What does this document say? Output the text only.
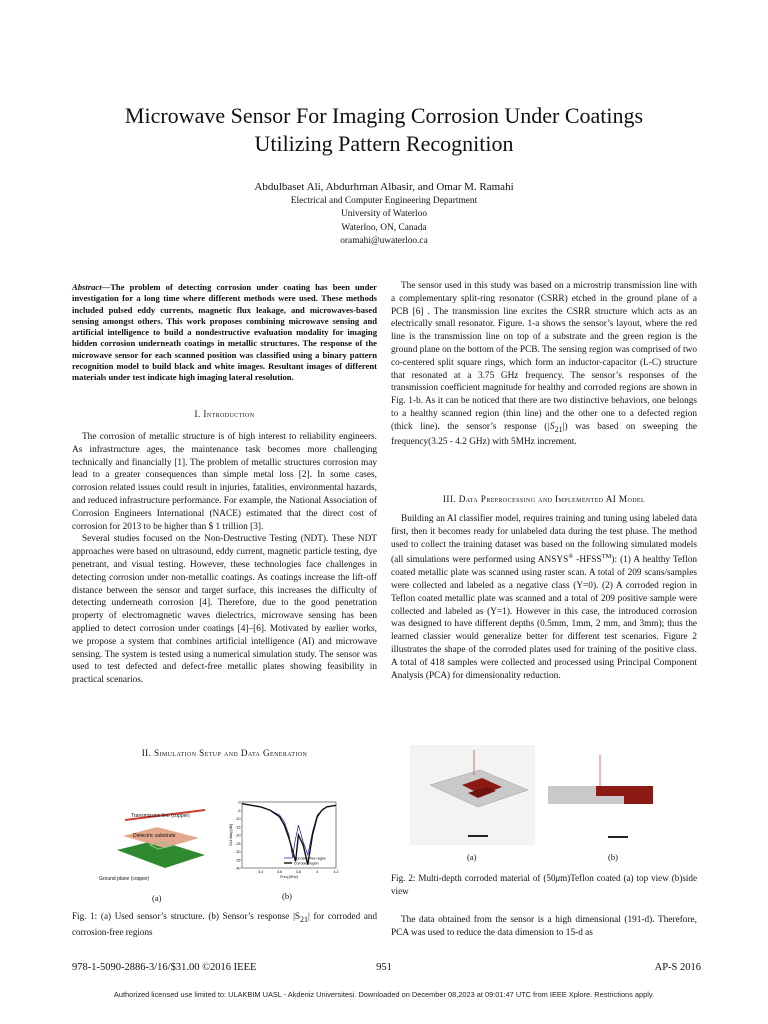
Microwave Sensor For Imaging Corrosion Under Coatings
Utilizing Pattern Recognition
Abdulbaset Ali, Abdurhman Albasir, and Omar M. Ramahi
Electrical and Computer Engineering Department
University of Waterloo
Waterloo, ON, Canada
oramahi@uwaterloo.ca
Abstract—The problem of detecting corrosion under coating has been under investigation for a long time where different methods were used. These methods included pulsed eddy currents, magnetic flux leakage, and microwaves-based sensing amongst others. This work proposes combining microwave sensing and artificial intelligence to build a nondestructive evaluation modality for imaging hidden corrosion underneath coatings in metallic structures. The response of the microwave sensor for each scanned position was classified using a binary pattern recognition model to build black and white images. Resultant images of different materials under test indicate high imaging lateral resolution.
I. Introduction

The corrosion of metallic structure is of high interest to reliability engineers. As infrastructure ages, the maintenance task becomes more challenging technically and financially [1]. The problem of metallic structures corrosion may lead to a greater consequences than simple metal loss [2]. In some cases, corrosion related issues could result in injuries, fatalities, environmental hazards, and reduced infrastructure performance. For example, the National Association of Corrosion Engineers International (NACE) estimated that the direct cost of corrosion for 2013 to be higher than $ 1 trillion [3].

Several studies focused on the Non-Destructive Testing (NDT). These NDT approaches were based on ultrasound, eddy current, magnetic particle testing, dye penetrant, and visual testing. However, these technologies face challenges in detecting corrosion under non-metallic coatings. As coatings increase the lift-off distance between the sensor and target surface, this increases the difficulty of detecting underneath corrosion [4]. Therefore, due to the good penetration property of electromagnetic waves dielectrics, microwave sensing has been applied to detect corrosion under coatings [4]–[6]. Motivated by earlier works, we propose a system that combines artificial intelligence (AI) and microwave sensing. The system is tested using a numerical simulation study. The sensor was used to test defected and defect-free metallic plates showing feasibility in practical scenarios.

II. Simulation Setup and Data Generation
Transmission line (copper)
Dielectric substrate
Ground plane (copper)
(a)
0
-5
-10
-15
-20
-25
-30
-35
-40
3.4	3.6	3.8	4	4.2
Freq [GHz]
S21 Mag [dB]
Corrosion-free region
Corroded region
(b)
Fig. 1: (a) Used sensor’s structure. (b) Sensor’s response |S21| for corroded and corrosion-free regions

The sensor used in this study was based on a microstrip transmission line with a complementary split-ring resonator (CSRR) etched in the ground plane of a PCB [6] . The transmission line excites the CSRR structure which acts as an electrically small resonator. Figure. 1-a shows the sensor’s layout, where the red line is the transmission line on top of a substrate and the green region is the ground plane on the bottom of the PCB. The sensing region was comprised of two co-centered split square rings, which form an inductor-capacitor (L-C) structure that resonated at a 3.75 GHz frequency. The sensor’s responses of the transmission coefficient magnitude for healthy and corroded regions are shown in Fig. 1-b. As it can be noticed that there are two distinctive behaviors, one belongs to a healthy scanned region (thin line) and the other one to a defected region (thick line). the sensor’s response (|S21|) was based on sweeping the frequency(3.25 - 4.2 GHz) with 5MHz increment.

III. Data Preprocessing and Implemented AI Model

Building an AI classifier model, requires training and tuning using labeled data first, then it becomes ready for unlabeled data during the test phase. The method used to collect the training dataset was based on the following simulated models (all simulations were performed using ANSYS® -HFSS™): (1) A healthy Teflon coated metallic plate was scanned using raster scan. A total of 209 scans/samples were collected and labeled as a negative class (Y=0). (2) A corroded region in Teflon coated metallic plate was scanned and a total of 209 positive sample were collected and labeled as (Y=1). However in this case, the introduced corrosion was designed to have different depths (0.5mm, 1mm, 2 mm, and 3mm); thus the learned classier would generalize better for different test scenarios. Figure 2 illustrates the shape of the corroded plates used for training of the positive class. A total of 418 samples were collected and processed using Principal Component Analysis (PCA) for dimensionality reduction.

(a)	(b)
Fig. 2: Multi-depth corroded material of (50μm)Teflon coated (a) top view (b)side view

The data obtained from the sensor is a high dimensional (191-d). Therefore, PCA was used to reduce the data dimension to 15-d as

978-1-5090-2886-3/16/$31.00 ©2016 IEEE	951	AP-S 2016
Authorized licensed use limited to: ULAKBIM UASL - Akdeniz Universitesi. Downloaded on December 08,2023 at 09:01:47 UTC from IEEE Xplore. Restrictions apply.
